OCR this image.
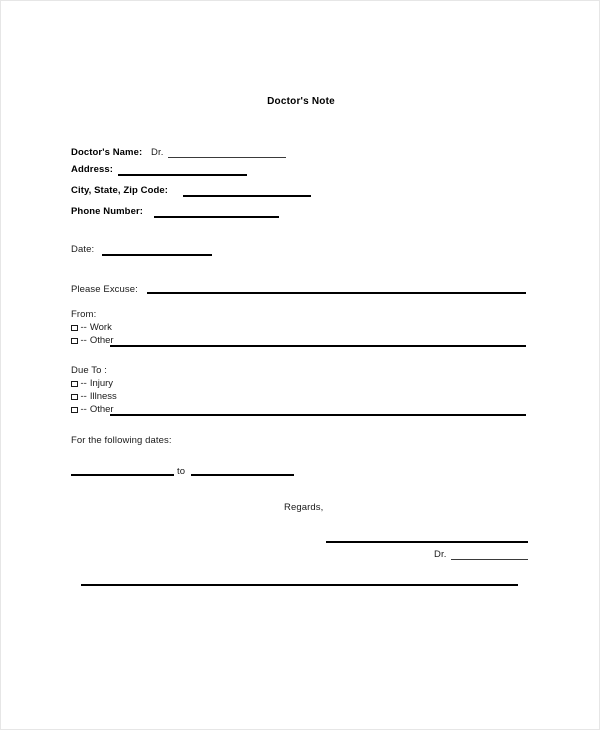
Doctor's Note
Doctor's Name: Dr.
Address:
City, State, Zip Code:
Phone Number:
Date:
Please Excuse:
From:
--
Work
--
Other
Due To :
--
Injury
--
Illness
--
Other
For the following dates:
to
Regards,
Dr.
